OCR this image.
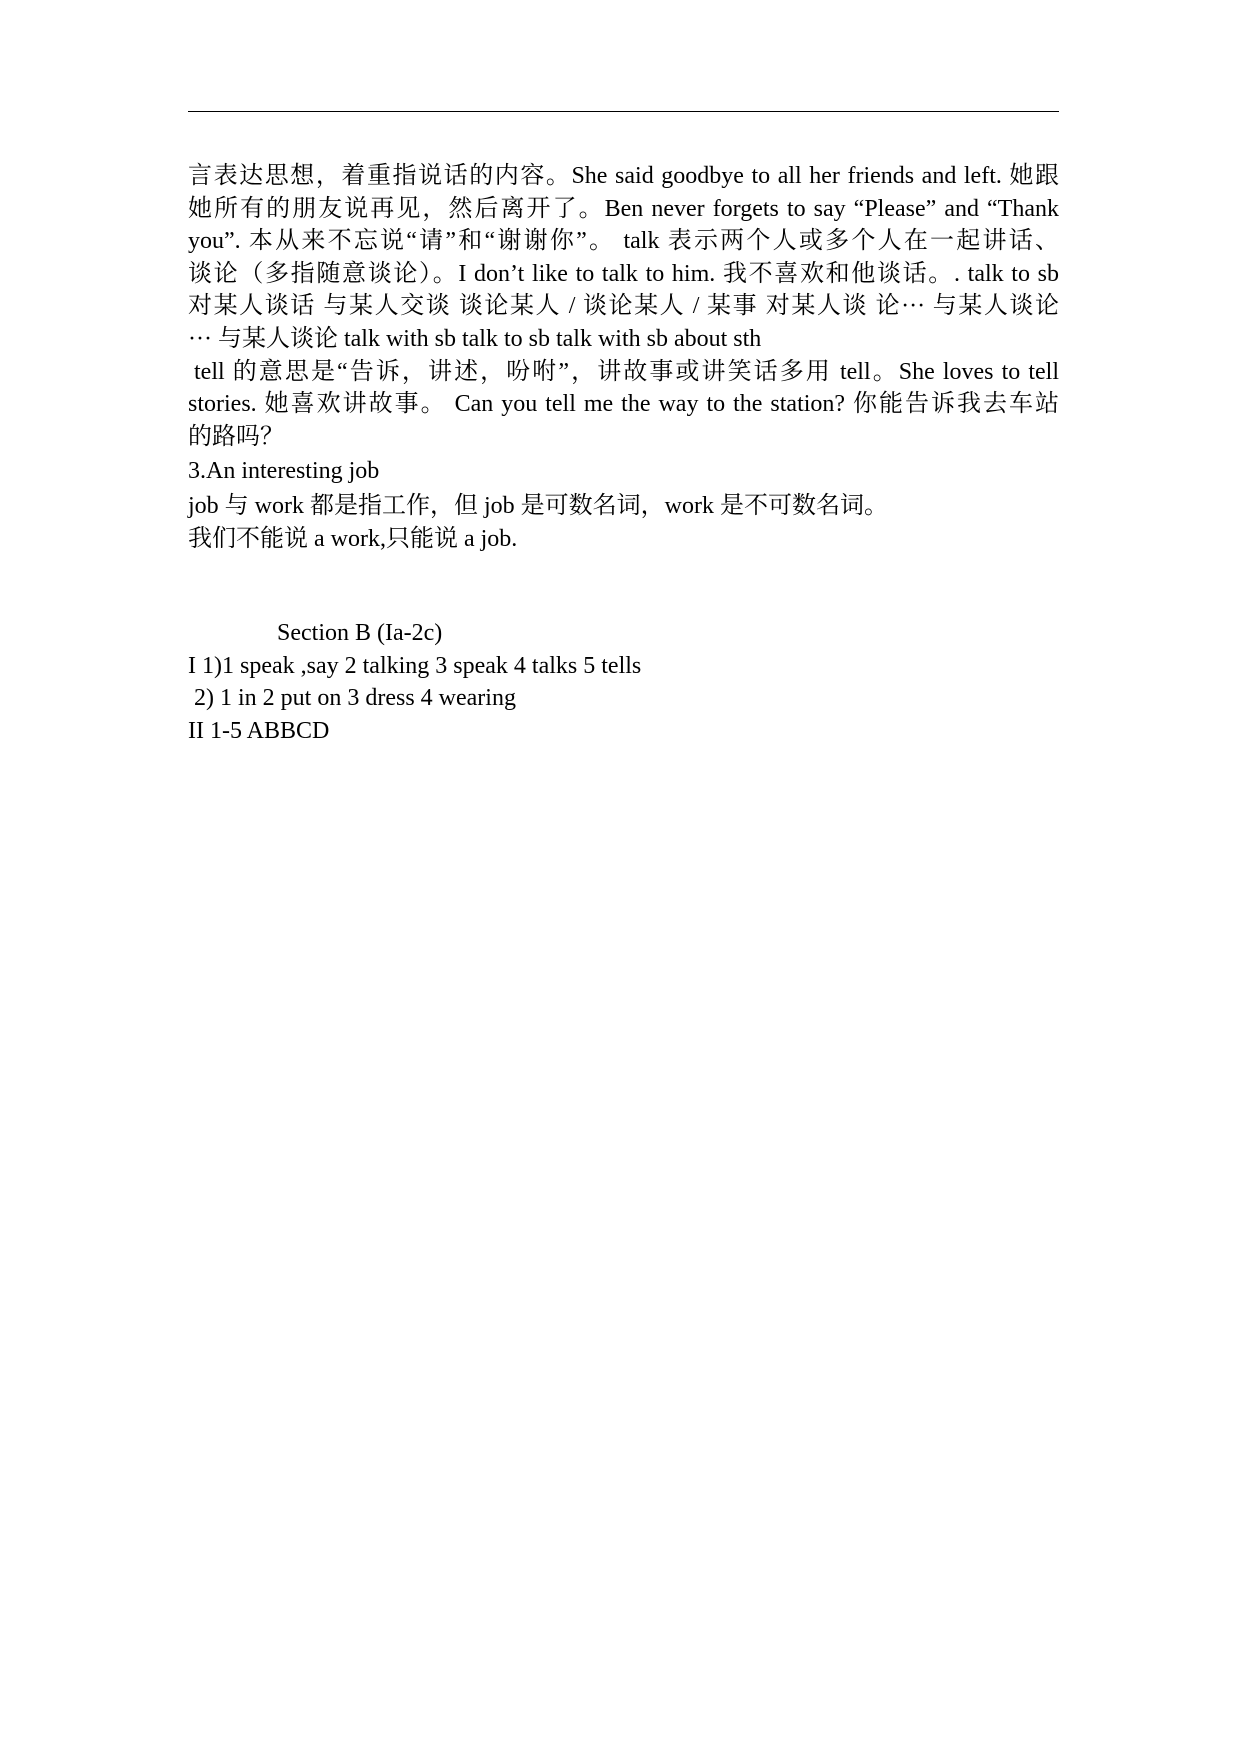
言表达思想，着重指说话的内容。She said goodbye to all her friends and left. 她跟
她所有的朋友说再见，然后离开了。Ben never forgets to say “Please” and “Thank
you”. 本从来不忘说“请”和“谢谢你”。 talk 表示两个人或多个人在一起讲话、
谈论（多指随意谈论）。I don’t like to talk to him. 我不喜欢和他谈话。. talk to sb
对某人谈话 与某人交谈 谈论某人 / 谈论某人 / 某事 对某人谈 论··· 与某人谈论
··· 与某人谈论 talk with sb talk to sb talk with sb about sth
tell 的意思是“告诉，讲述，吩咐”，讲故事或讲笑话多用 tell。She loves to tell
stories. 她喜欢讲故事。 Can you tell me the way to the station? 你能告诉我去车站
的路吗？
3.An interesting job
job 与 work 都是指工作，但 job 是可数名词，work 是不可数名词。
我们不能说 a work,只能说 a job.
Section B (Ia-2c)
I 1)1 speak ,say 2 talking 3 speak 4 talks 5 tells
2) 1 in 2 put on 3 dress 4 wearing
II 1-5 ABBCD
